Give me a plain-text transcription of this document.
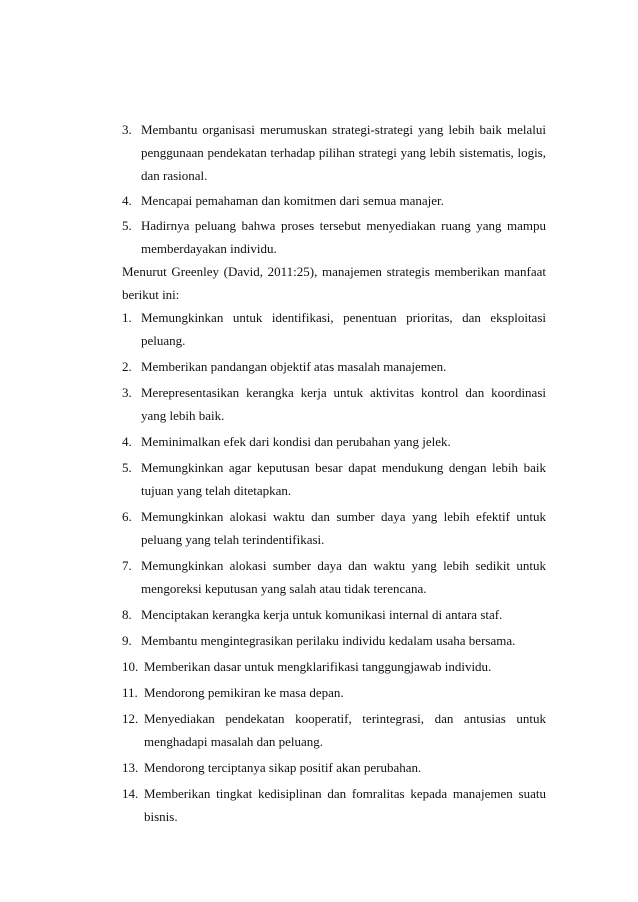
3. Membantu organisasi merumuskan strategi-strategi yang lebih baik melalui penggunaan pendekatan terhadap pilihan strategi yang lebih sistematis, logis, dan rasional.
4. Mencapai pemahaman dan komitmen dari semua manajer.
5. Hadirnya peluang bahwa proses tersebut menyediakan ruang yang mampu memberdayakan individu.

Menurut Greenley (David, 2011:25), manajemen strategis memberikan manfaat berikut ini:

1. Memungkinkan untuk identifikasi, penentuan prioritas, dan eksploitasi peluang.
2. Memberikan pandangan objektif atas masalah manajemen.
3. Merepresentasikan kerangka kerja untuk aktivitas kontrol dan koordinasi yang lebih baik.
4. Meminimalkan efek dari kondisi dan perubahan yang jelek.
5. Memungkinkan agar keputusan besar dapat mendukung dengan lebih baik tujuan yang telah ditetapkan.
6. Memungkinkan alokasi waktu dan sumber daya yang lebih efektif untuk peluang yang telah terindentifikasi.
7. Memungkinkan alokasi sumber daya dan waktu yang lebih sedikit untuk mengoreksi keputusan yang salah atau tidak terencana.
8. Menciptakan kerangka kerja untuk komunikasi internal di antara staf.
9. Membantu mengintegrasikan perilaku individu kedalam usaha bersama.
10. Memberikan dasar untuk mengklarifikasi tanggungjawab individu.
11. Mendorong pemikiran ke masa depan.
12. Menyediakan pendekatan kooperatif, terintegrasi, dan antusias untuk menghadapi masalah dan peluang.
13. Mendorong terciptanya sikap positif akan perubahan.
14. Memberikan tingkat kedisiplinan dan fomralitas kepada manajemen suatu bisnis.
